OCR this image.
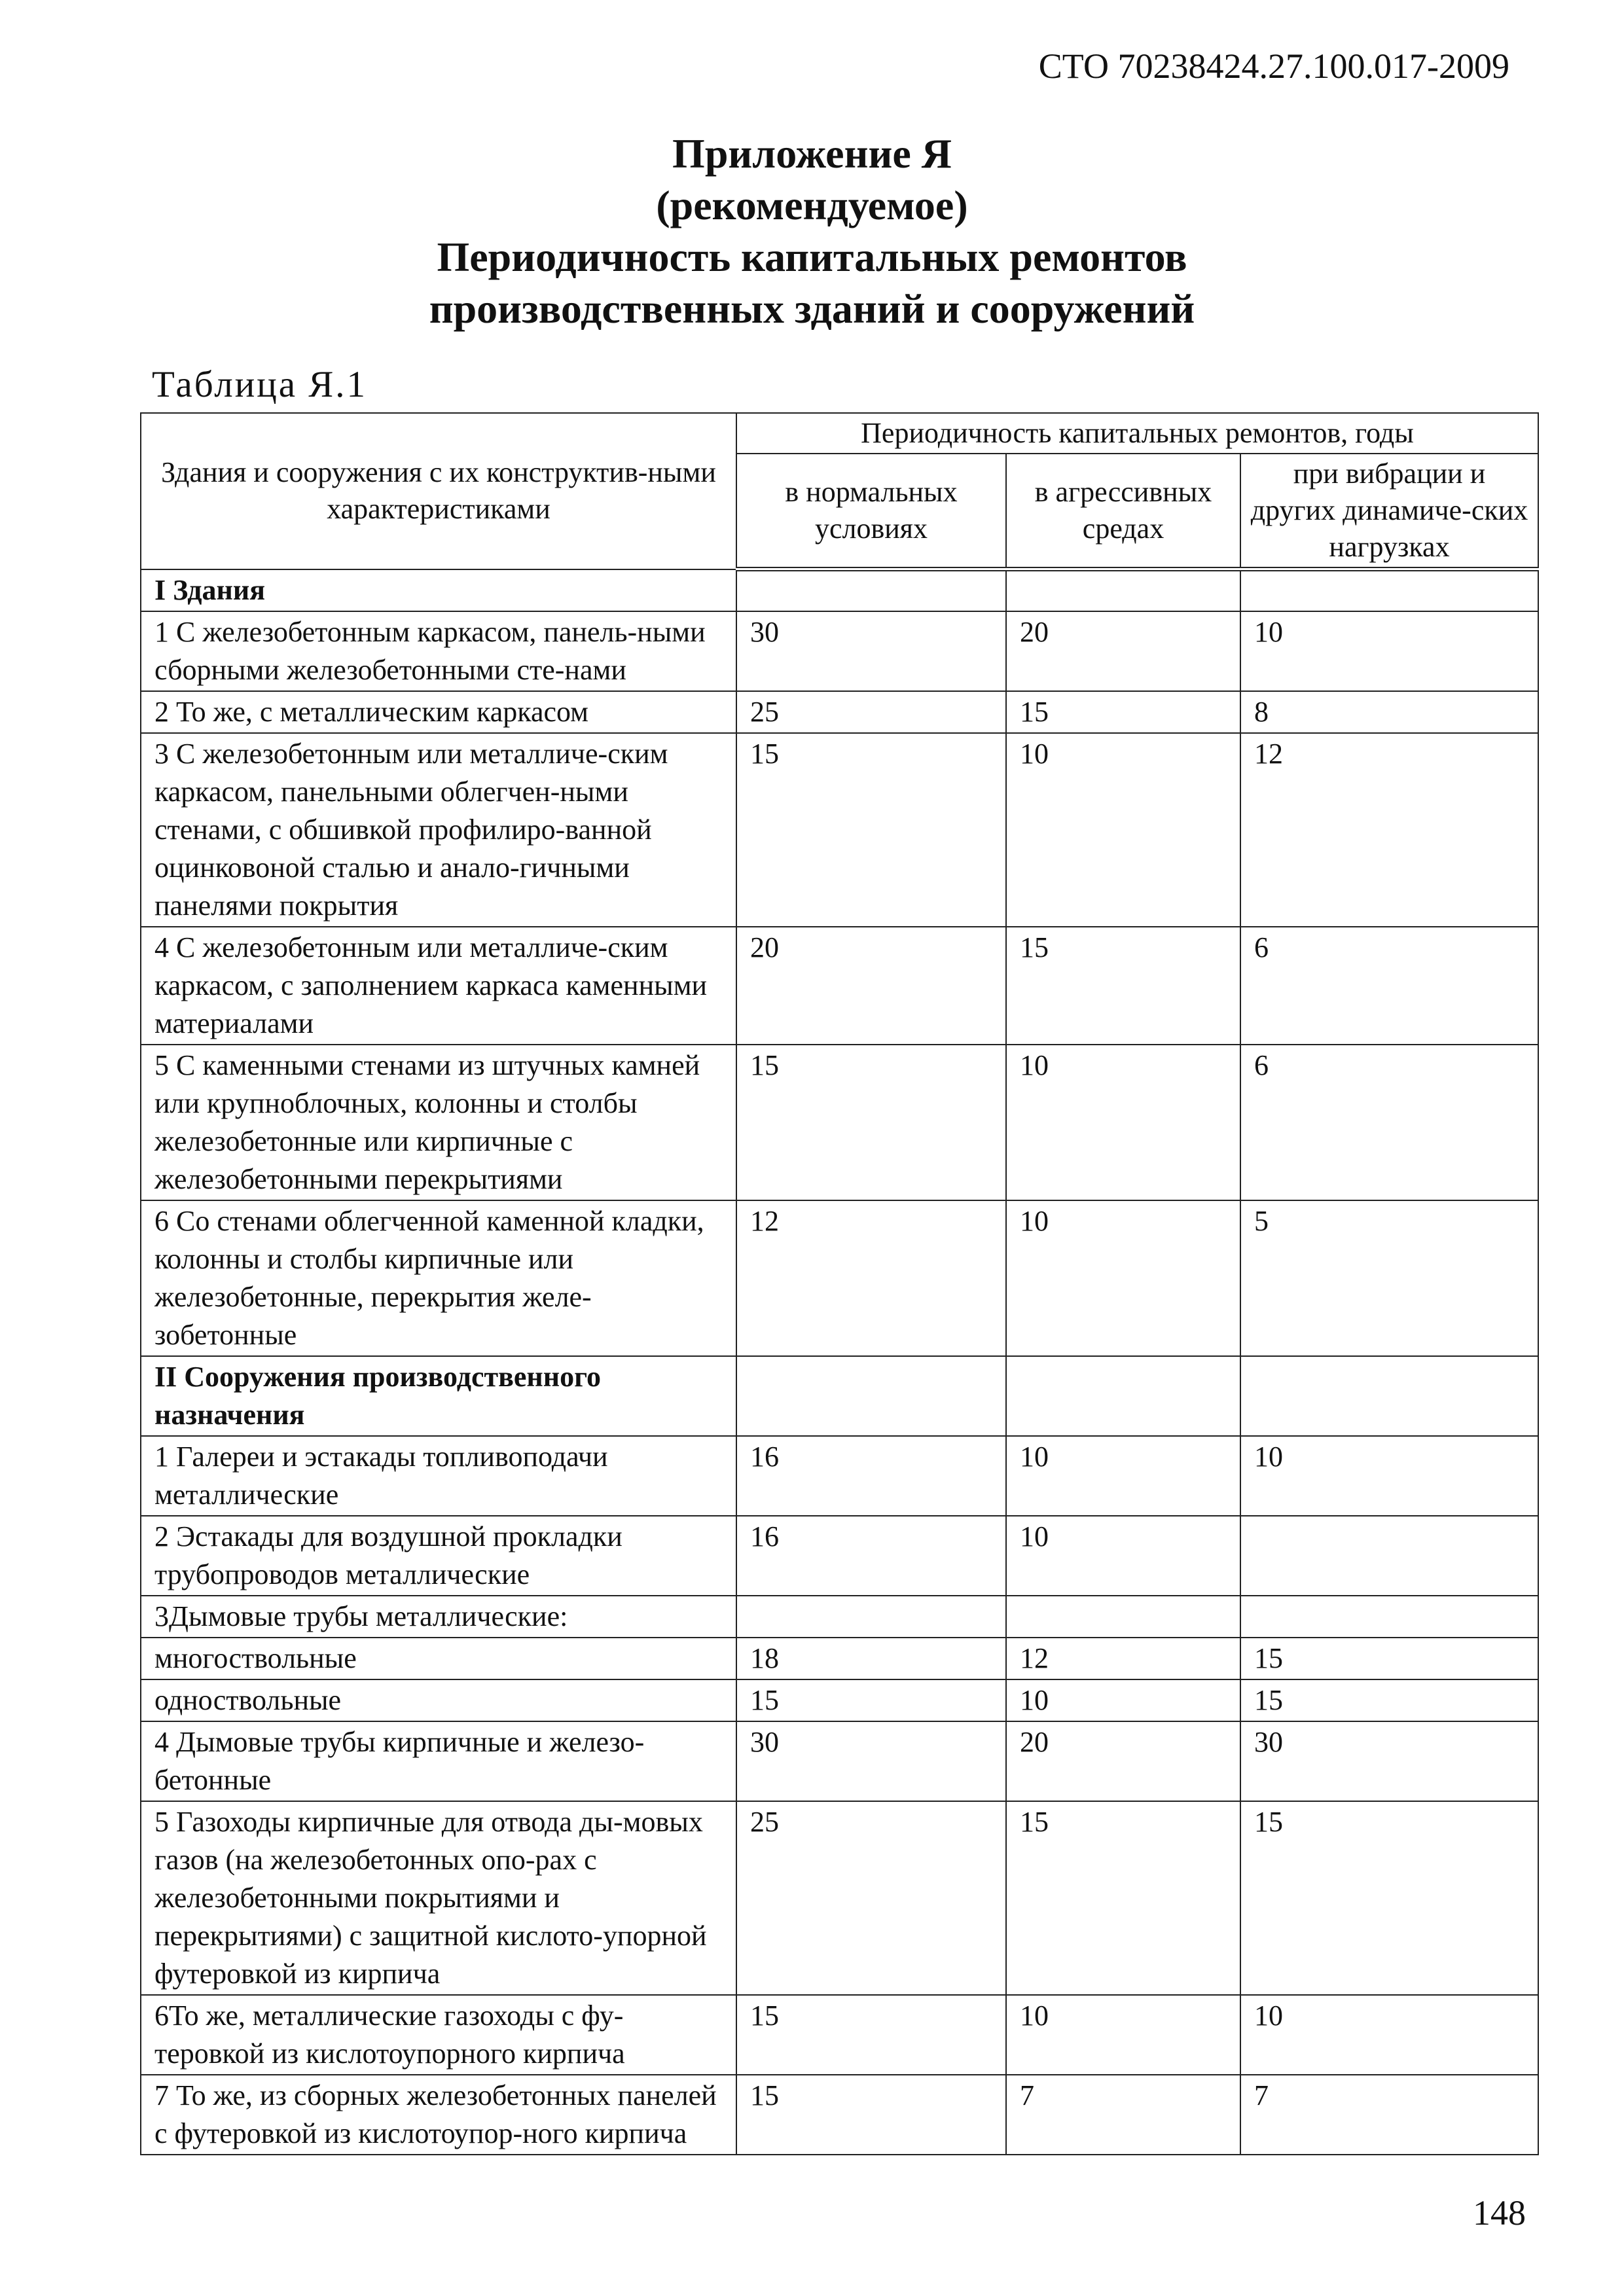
СТО 70238424.27.100.017-2009
Приложение Я
(рекомендуемое)
Периодичность капитальных ремонтов
производственных зданий и сооружений
Таблица Я.1
Здания и сооружения с их конструктив-ными характеристиками	Периодичность капитальных ремонтов, годы		
	в нормальных условиях	в агрессивных средах	при вибрации и других динамиче-ских нагрузках
I Здания			
1 С железобетонным каркасом, панель-ными сборными железобетонными сте-нами	30	20	10
2 То же, с металлическим каркасом	25	15	8
3 С железобетонным или металличе-ским каркасом, панельными облегчен-ными стенами, с обшивкой профилиро-ванной оцинковоной сталью и анало-гичными панелями покрытия	15	10	12
4 С железобетонным или металличе-ским каркасом, с заполнением каркаса каменными материалами	20	15	6
5 С каменными стенами из штучных камней или крупноблочных, колонны и столбы железобетонные или кирпичные с железобетонными перекрытиями	15	10	6
6 Со стенами облегченной каменной кладки, колонны и столбы кирпичные или железобетонные, перекрытия желе-зобетонные	12	10	5
II Сооружения производственного назначения			
1 Галереи и эстакады топливоподачи металлические	16	10	10
2 Эстакады для воздушной прокладки трубопроводов металлические	16	10	
3Дымовые трубы металлические:			
многоствольные	18	12	15
одноствольные	15	10	15
4 Дымовые трубы кирпичные и железо-бетонные	30	20	30
5 Газоходы кирпичные для отвода ды-мовых газов (на железобетонных опо-рах с железобетонными покрытиями и перекрытиями) с защитной кислото-упорной футеровкой из кирпича	25	15	15
6То же, металлические газоходы с фу-теровкой из кислотоупорного кирпича	15	10	10
7 То же, из сборных железобетонных панелей с футеровкой из кислотоупор-ного кирпича	15	7	7
148
